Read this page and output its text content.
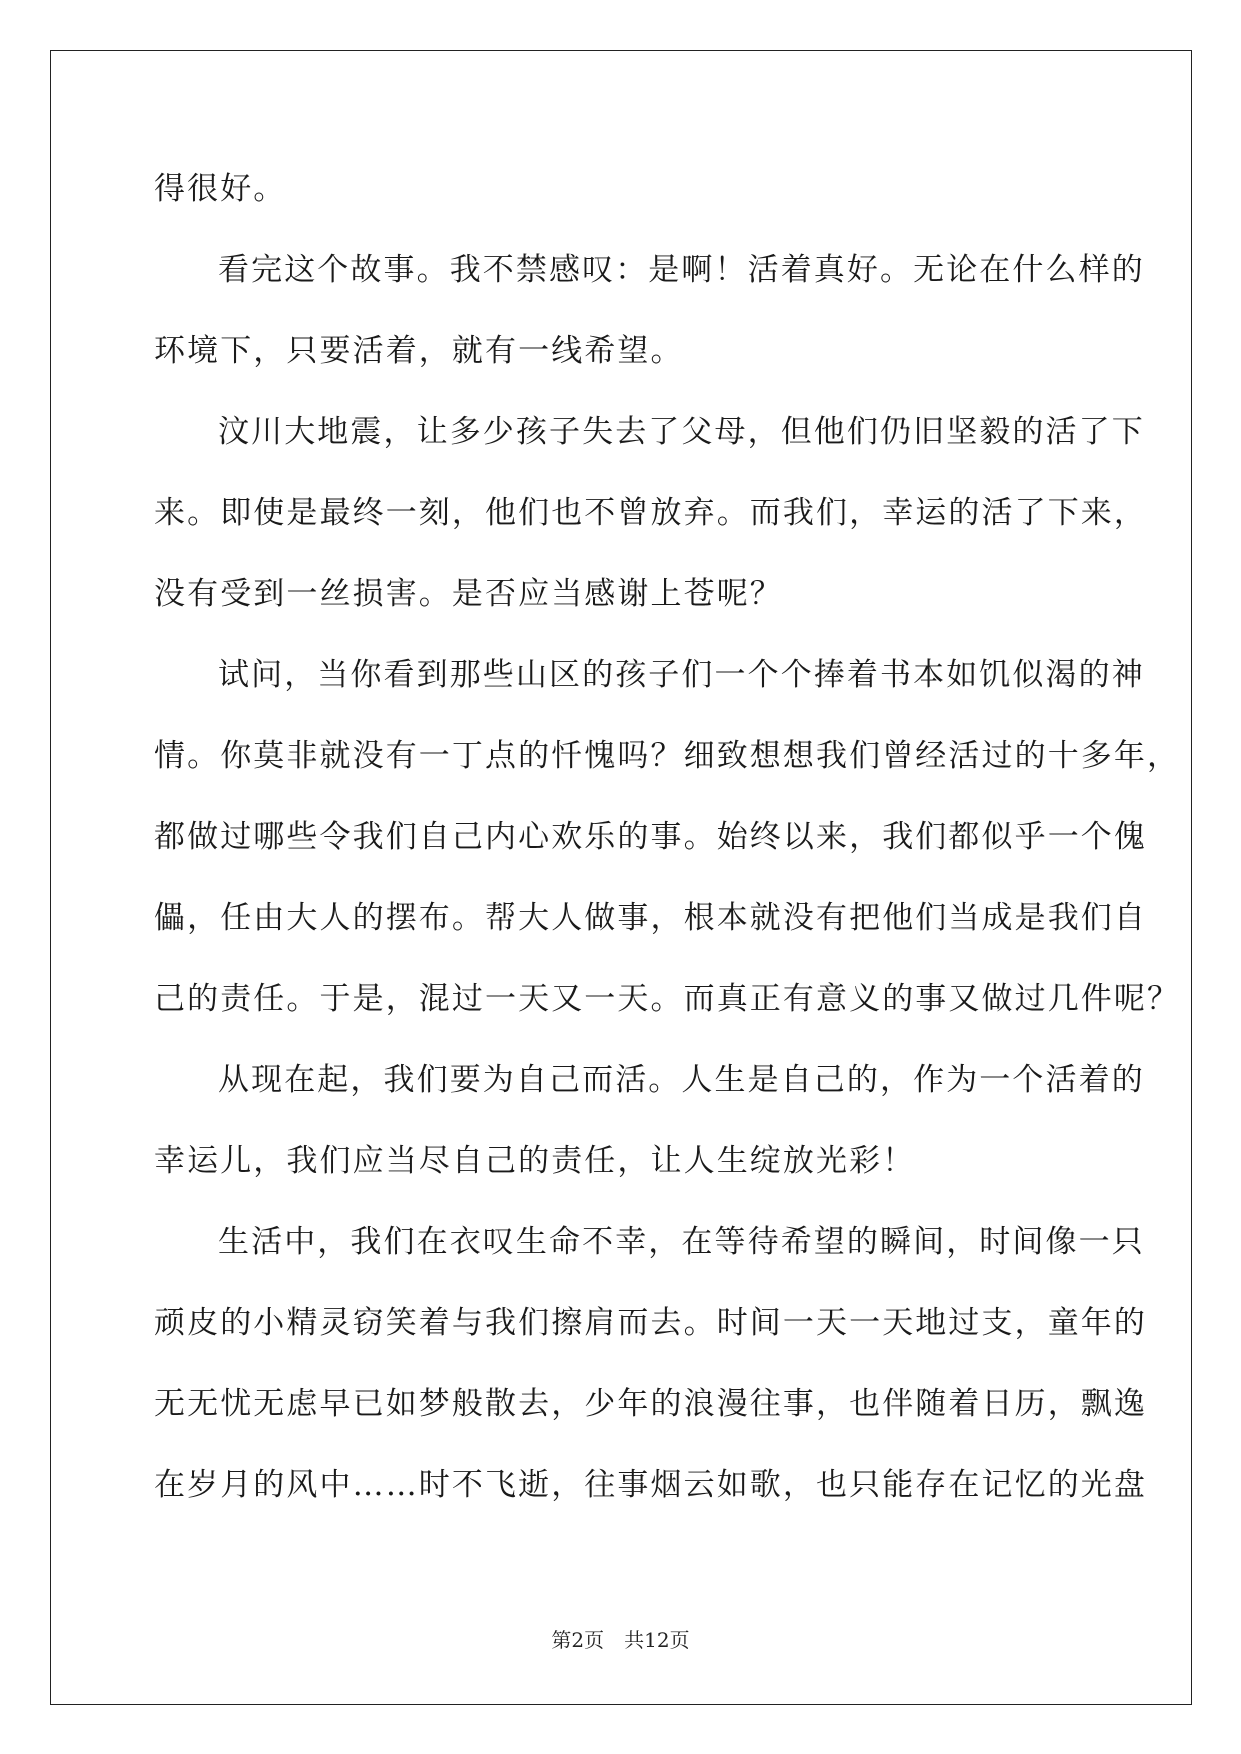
得很好。
看完这个故事。我不禁感叹：是啊！活着真好。无论在什么样的
环境下，只要活着，就有一线希望。
汶川大地震，让多少孩子失去了父母，但他们仍旧坚毅的活了下
来。即使是最终一刻，他们也不曾放弃。而我们，幸运的活了下来，
没有受到一丝损害。是否应当感谢上苍呢？
试问，当你看到那些山区的孩子们一个个捧着书本如饥似渴的神
情。你莫非就没有一丁点的忏愧吗？细致想想我们曾经活过的十多年，
都做过哪些令我们自己内心欢乐的事。始终以来，我们都似乎一个傀
儡，任由大人的摆布。帮大人做事，根本就没有把他们当成是我们自
己的责任。于是，混过一天又一天。而真正有意义的事又做过几件呢？
从现在起，我们要为自己而活。人生是自己的，作为一个活着的
幸运儿，我们应当尽自己的责任，让人生绽放光彩！
生活中，我们在衣叹生命不幸，在等待希望的瞬间，时间像一只
顽皮的小精灵窃笑着与我们擦肩而去。时间一天一天地过支，童年的
无无忧无虑早已如梦般散去，少年的浪漫往事，也伴随着日历，飘逸
在岁月的风中……时不飞逝，往事烟云如歌，也只能存在记忆的光盘
第2页　共12页
